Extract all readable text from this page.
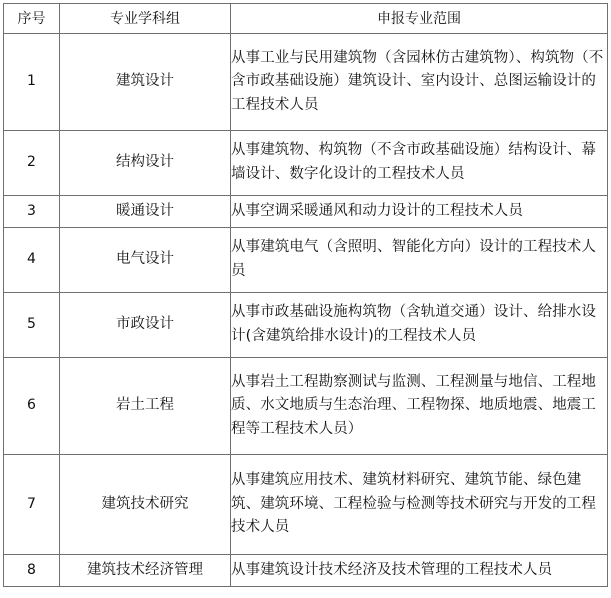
序号	专业学科组	申报专业范围
1	建筑设计	从事工业与民用建筑物（含园林仿古建筑物）、构筑物（不含市政基础设施）建筑设计、室内设计、总图运输设计的工程技术人员
2	结构设计	从事建筑物、构筑物（不含市政基础设施）结构设计、幕墙设计、数字化设计的工程技术人员
3	暖通设计	从事空调采暖通风和动力设计的工程技术人员
4	电气设计	从事建筑电气（含照明、智能化方向）设计的工程技术人员
5	市政设计	从事市政基础设施构筑物（含轨道交通）设计、给排水设计(含建筑给排水设计)的工程技术人员
6	岩土工程	从事岩土工程勘察测试与监测、工程测量与地信、工程地质、水文地质与生态治理、工程物探、地质地震、地震工程等工程技术人员）
7	建筑技术研究	从事建筑应用技术、建筑材料研究、建筑节能、绿色建筑、建筑环境、工程检验与检测等技术研究与开发的工程技术人员
8	建筑技术经济管理	从事建筑设计技术经济及技术管理的工程技术人员
